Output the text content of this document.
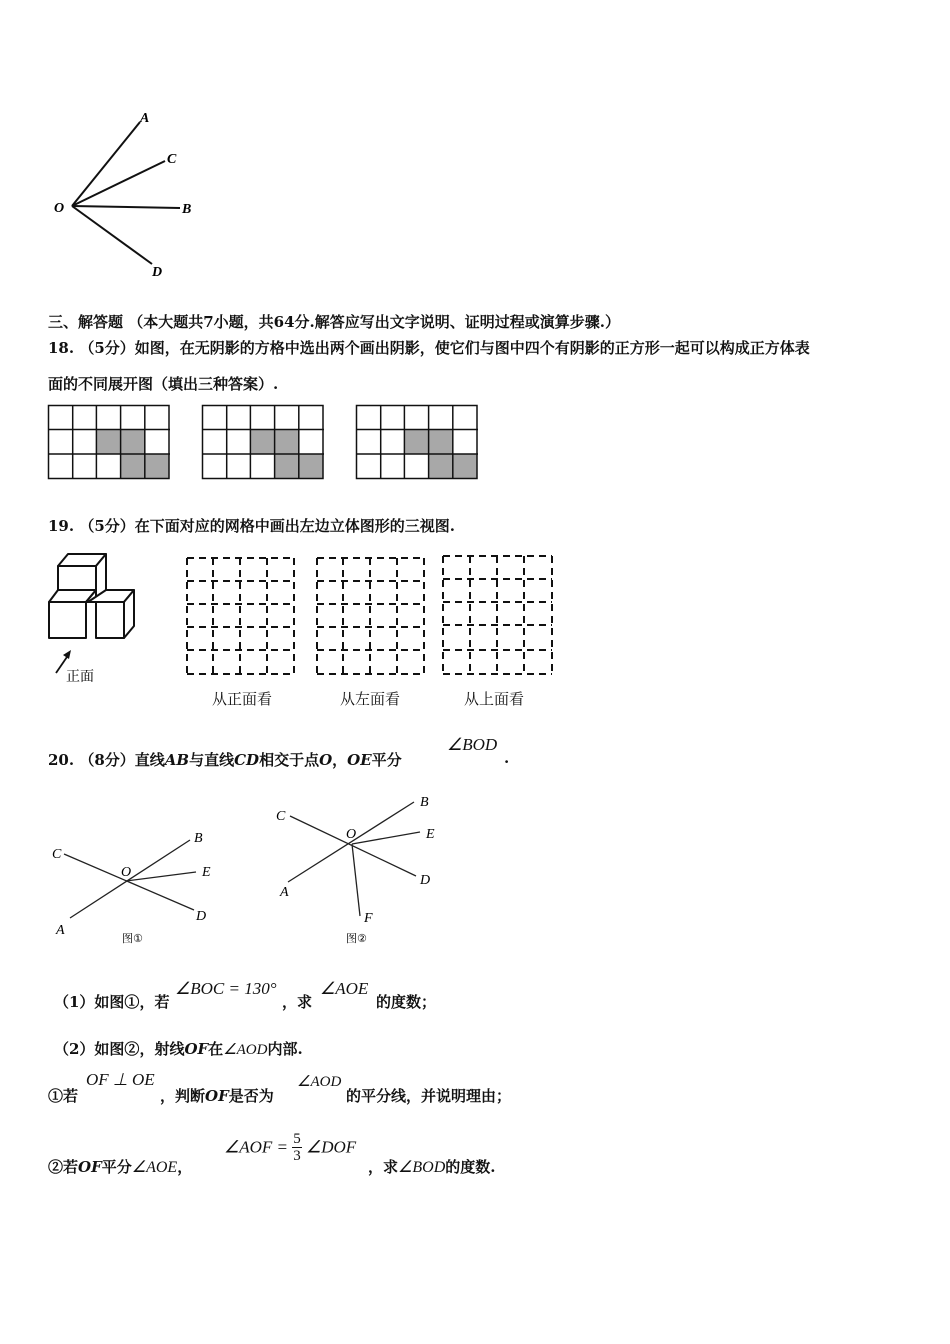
A
C
O	B
D
三、解答题 （本大题共7小题，共64分.解答应写出文字说明、证明过程或演算步骤.）
18. （5分）如图，在无阴影的方格中选出两个画出阴影，使它们与图中四个有阴影的正方形一起可以构成正方体表
面的不同展开图（填出三种答案）.
19. （5分）在下面对应的网格中画出左边立体图形的三视图.
正面
从正面看	从左面看	从上面看
20. （8分）直线AB与直线CD相交于点O，OE平分
∠BOD
.
C
B
O	E
A
D
图①
C
B
O	E
A
D
F
图②
（1）如图①，若
∠BOC = 130°
，求
∠AOE
的度数；
（2）如图②，射线OF在∠AOD内部.
①若
OF ⊥ OE
，判断OF是否为
∠AOD
的平分线，并说明理由；
②若OF平分∠AOE，
∠AOF = $\frac{5}{3}$ ∠DOF
，求∠BOD的度数.
